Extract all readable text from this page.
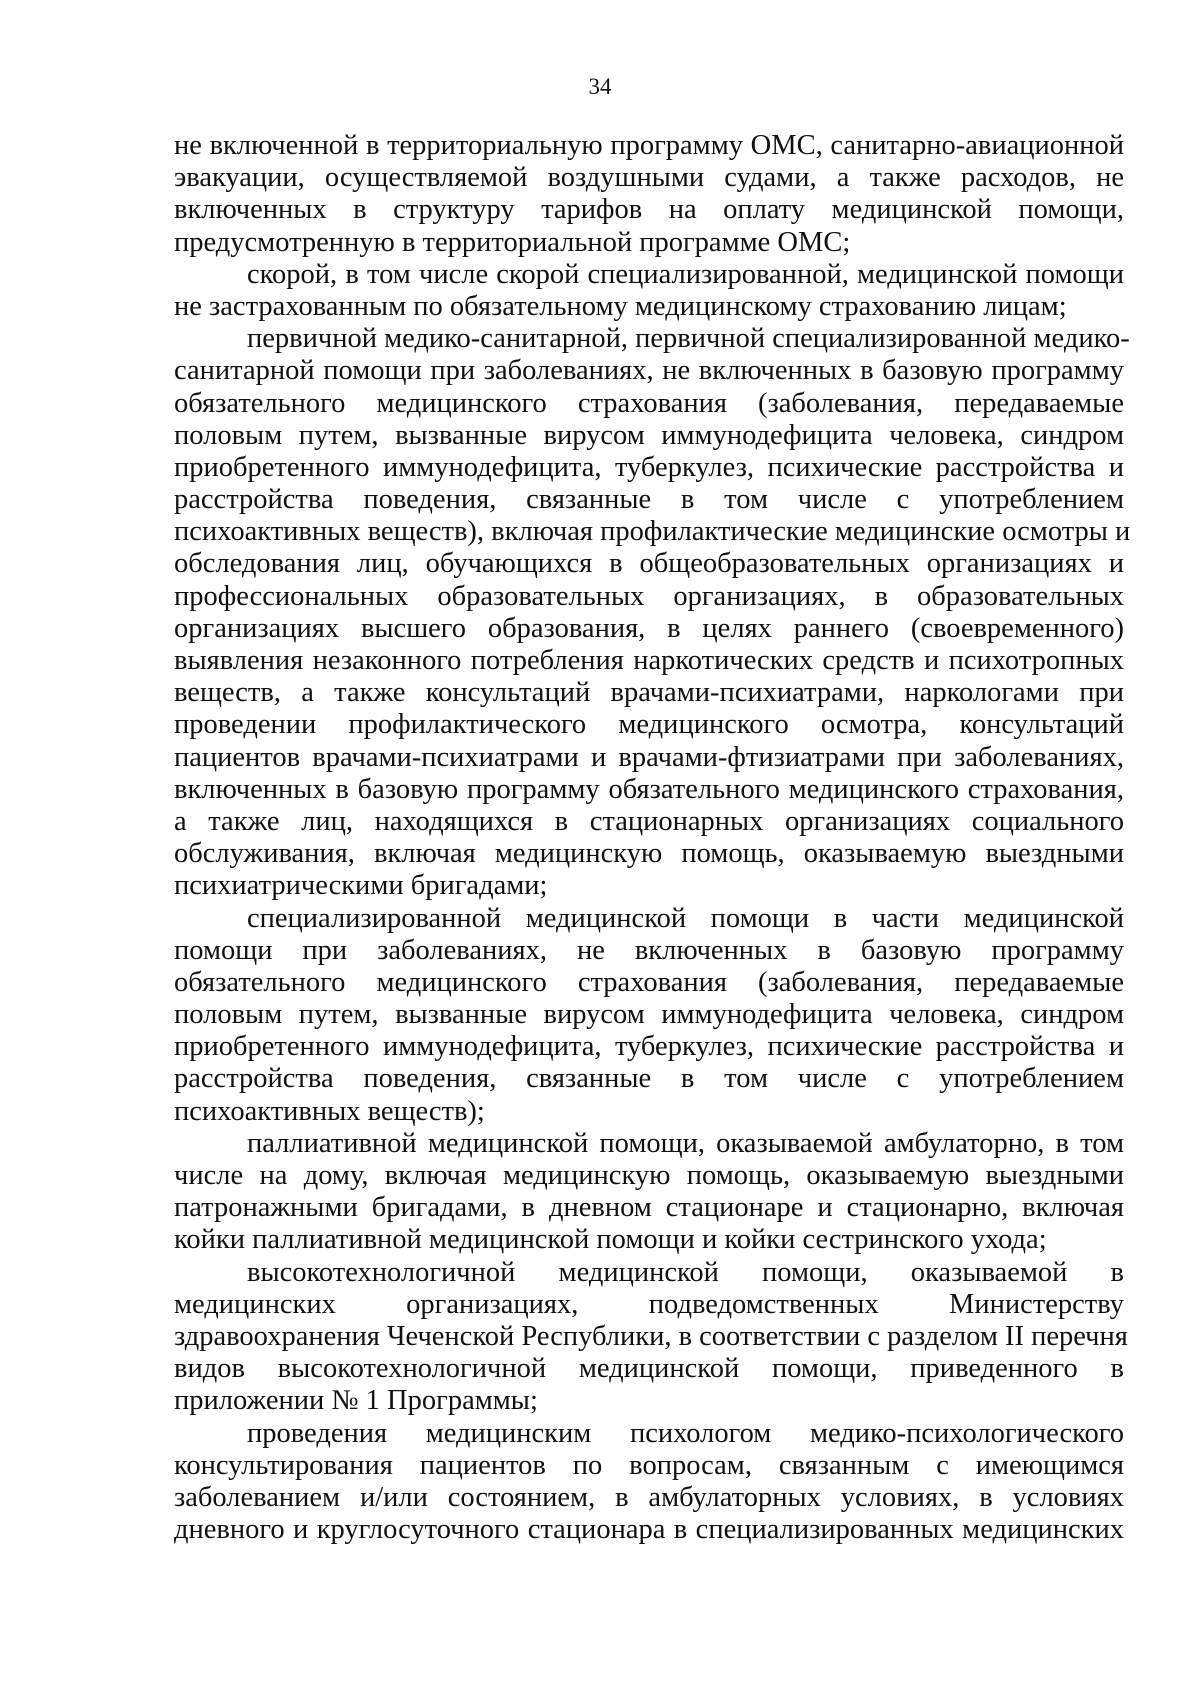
34
не включенной в территориальную программу ОМС, санитарно-авиационной
эвакуации, осуществляемой воздушными судами, а также расходов, не
включенных в структуру тарифов на оплату медицинской помощи,
предусмотренную в территориальной программе ОМС;
скорой, в том числе скорой специализированной, медицинской помощи
не застрахованным по обязательному медицинскому страхованию лицам;
первичной медико-санитарной, первичной специализированной медико-
санитарной помощи при заболеваниях, не включенных в базовую программу
обязательного медицинского страхования (заболевания, передаваемые
половым путем, вызванные вирусом иммунодефицита человека, синдром
приобретенного иммунодефицита, туберкулез, психические расстройства и
расстройства поведения, связанные в том числе с употреблением
психоактивных веществ), включая профилактические медицинские осмотры и
обследования лиц, обучающихся в общеобразовательных организациях и
профессиональных образовательных организациях, в образовательных
организациях высшего образования, в целях раннего (своевременного)
выявления незаконного потребления наркотических средств и психотропных
веществ, а также консультаций врачами-психиатрами, наркологами при
проведении профилактического медицинского осмотра, консультаций
пациентов врачами-психиатрами и врачами-фтизиатрами при заболеваниях,
включенных в базовую программу обязательного медицинского страхования,
а также лиц, находящихся в стационарных организациях социального
обслуживания, включая медицинскую помощь, оказываемую выездными
психиатрическими бригадами;
специализированной медицинской помощи в части медицинской
помощи при заболеваниях, не включенных в базовую программу
обязательного медицинского страхования (заболевания, передаваемые
половым путем, вызванные вирусом иммунодефицита человека, синдром
приобретенного иммунодефицита, туберкулез, психические расстройства и
расстройства поведения, связанные в том числе с употреблением
психоактивных веществ);
паллиативной медицинской помощи, оказываемой амбулаторно, в том
числе на дому, включая медицинскую помощь, оказываемую выездными
патронажными бригадами, в дневном стационаре и стационарно, включая
койки паллиативной медицинской помощи и койки сестринского ухода;
высокотехнологичной медицинской помощи, оказываемой в
медицинских организациях, подведомственных Министерству
здравоохранения Чеченской Республики, в соответствии с разделом II перечня
видов высокотехнологичной медицинской помощи, приведенного в
приложении № 1 Программы;
проведения медицинским психологом медико-психологического
консультирования пациентов по вопросам, связанным с имеющимся
заболеванием и/или состоянием, в амбулаторных условиях, в условиях
дневного и круглосуточного стационара в специализированных медицинских
